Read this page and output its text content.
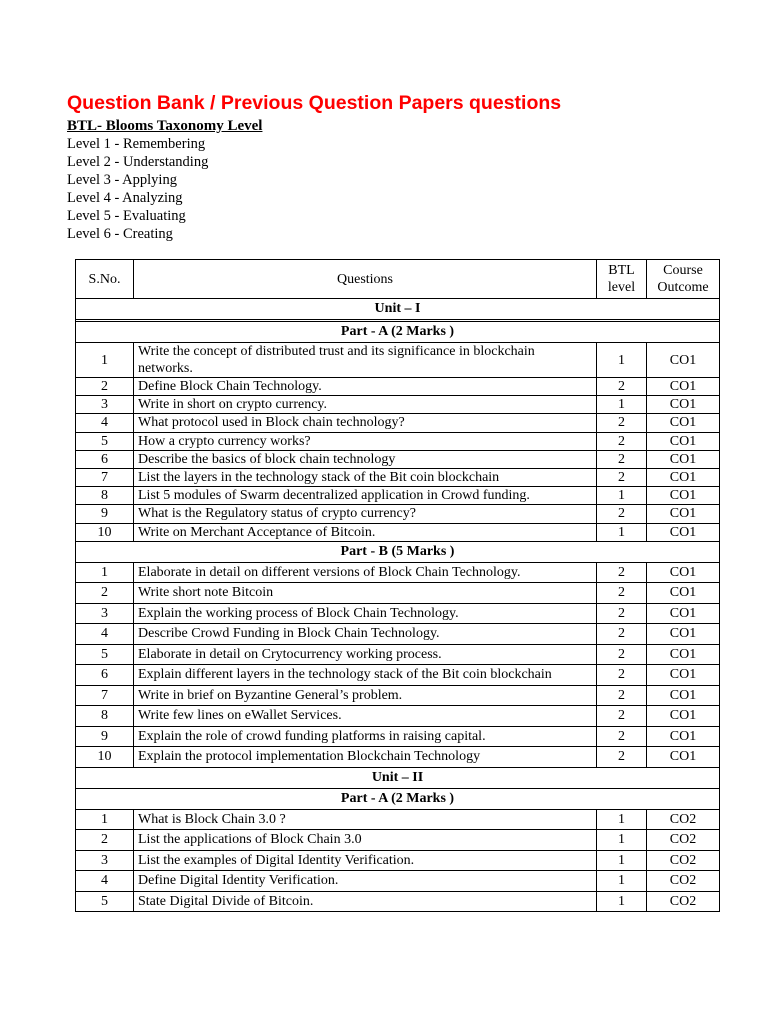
Question Bank / Previous Question Papers questions
BTL- Blooms Taxonomy Level
Level 1 - Remembering
Level 2 - Understanding
Level 3 - Applying
Level 4 - Analyzing
Level 5 - Evaluating
Level 6 - Creating
S.No.	Questions	BTL level	Course Outcome
Unit – I			

Part - A (2 Marks )			
1	Write the concept of distributed trust and its significance in blockchain networks.	1	CO1
2	Define Block Chain Technology.	2	CO1
3	Write in short on crypto currency.	1	CO1
4	What protocol used in Block chain technology?	2	CO1
5	How a crypto currency works?	2	CO1
6	Describe the basics of block chain technology	2	CO1
7	List the layers in the technology stack of the Bit coin blockchain	2	CO1
8	List 5 modules of Swarm decentralized application in Crowd funding.	1	CO1
9	What is the Regulatory status of crypto currency?	2	CO1
10	Write on Merchant Acceptance of Bitcoin.	1	CO1
Part - B (5 Marks )			
1	Elaborate in detail on different versions of Block Chain Technology.	2	CO1
2	Write short note Bitcoin	2	CO1
3	Explain the working process of Block Chain Technology.	2	CO1
4	Describe Crowd Funding in Block Chain Technology.	2	CO1
5	Elaborate in detail on Crytocurrency working process.	2	CO1
6	Explain different layers in the technology stack of the Bit coin blockchain	2	CO1
7	Write in brief on Byzantine General’s problem.	2	CO1
8	Write few lines on eWallet Services.	2	CO1
9	Explain the role of crowd funding platforms in raising capital.	2	CO1
10	Explain the protocol implementation Blockchain Technology	2	CO1
Unit – II			
Part - A (2 Marks )			
1	What is Block Chain 3.0 ?	1	CO2
2	List the applications of Block Chain 3.0	1	CO2
3	List the examples of Digital Identity Verification.	1	CO2
4	Define Digital Identity Verification.	1	CO2
5	State Digital Divide of Bitcoin.	1	CO2
